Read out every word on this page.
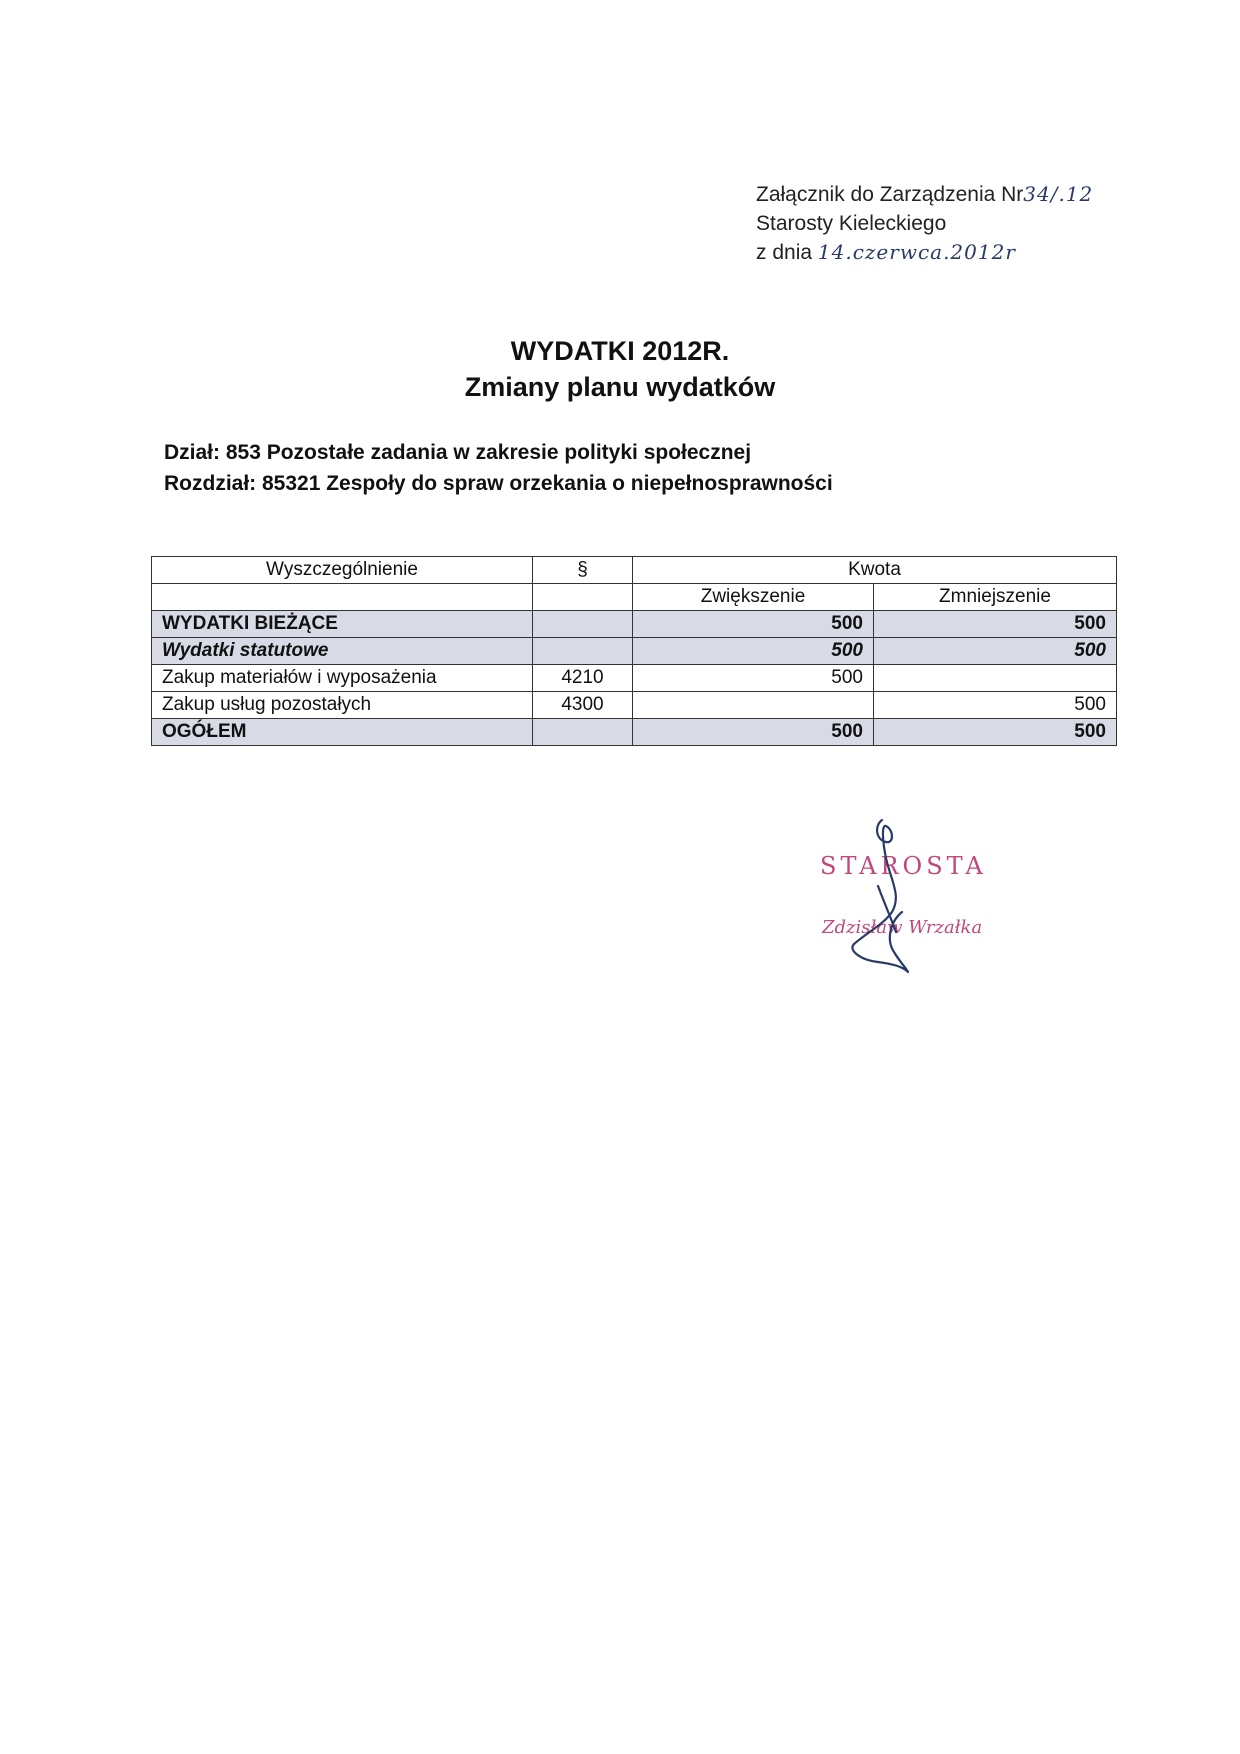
Załącznik do Zarządzenia Nr34/.12
Starosty Kieleckiego
z dnia 14.czerwca.2012r
WYDATKI 2012R.
Zmiany planu wydatków
Dział: 853 Pozostałe zadania w zakresie polityki społecznej
Rozdział: 85321 Zespoły do spraw orzekania o niepełnosprawności
Wyszczególnienie	§	Kwota	
		Zwiększenie	Zmniejszenie
WYDATKI BIEŻĄCE		500	500
Wydatki statutowe		500	500
Zakup materiałów i wyposażenia	4210	500	
Zakup usług pozostałych	4300		500
OGÓŁEM		500	500
STAROSTA
Zdzisław Wrzałka
